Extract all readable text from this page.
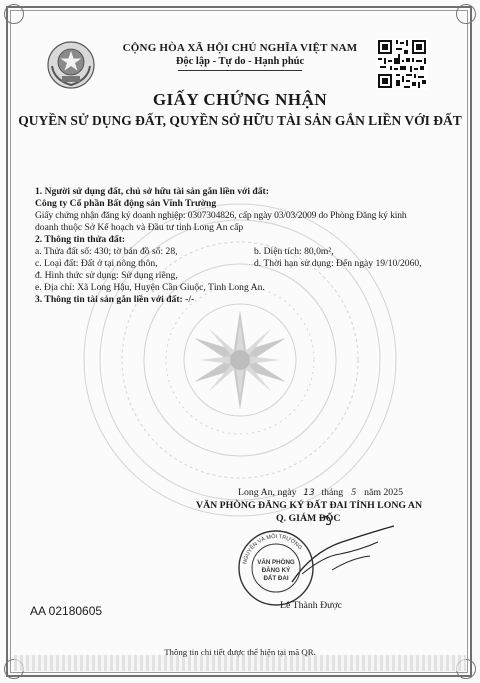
CỘNG HÒA XÃ HỘI CHỦ NGHĨA VIỆT NAM
Độc lập - Tự do - Hạnh phúc
GIẤY CHỨNG NHẬN
QUYỀN SỬ DỤNG ĐẤT, QUYỀN SỞ HỮU TÀI SẢN GẮN LIỀN VỚI ĐẤT
1. Người sử dụng đất, chủ sở hữu tài sản gắn liền với đất:
Công ty Cổ phần Bất động sản Vĩnh Trường
Giấy chứng nhận đăng ký doanh nghiệp: 0307304826, cấp ngày 03/03/2009 do Phòng Đăng ký kinh
doanh thuộc Sở Kế hoạch và Đầu tư tỉnh Long An cấp
2. Thông tin thửa đất:
a. Thửa đất số: 430; tờ bản đồ số: 28,	b. Diện tích: 80,0m²,
c. Loại đất: Đất ở tại nông thôn,	d. Thời hạn sử dụng: Đến ngày 19/10/2060,
đ. Hình thức sử dụng: Sử dụng riêng,
e. Địa chỉ: Xã Long Hậu, Huyện Cần Giuộc, Tỉnh Long An.
3. Thông tin tài sản gắn liền với đất: -/-
Long An, ngày 13 tháng 5 năm 2025
VĂN PHÒNG ĐĂNG KÝ ĐẤT ĐAI TỈNH LONG AN
Q. GIÁM ĐỐC
NGUYÊN VÀ MÔI TRƯỜNG
VĂN PHÒNG
ĐĂNG KÝ
ĐẤT ĐAI
Lê Thành Được
AA 02180605
Thông tin chi tiết được thể hiện tại mã QR.
